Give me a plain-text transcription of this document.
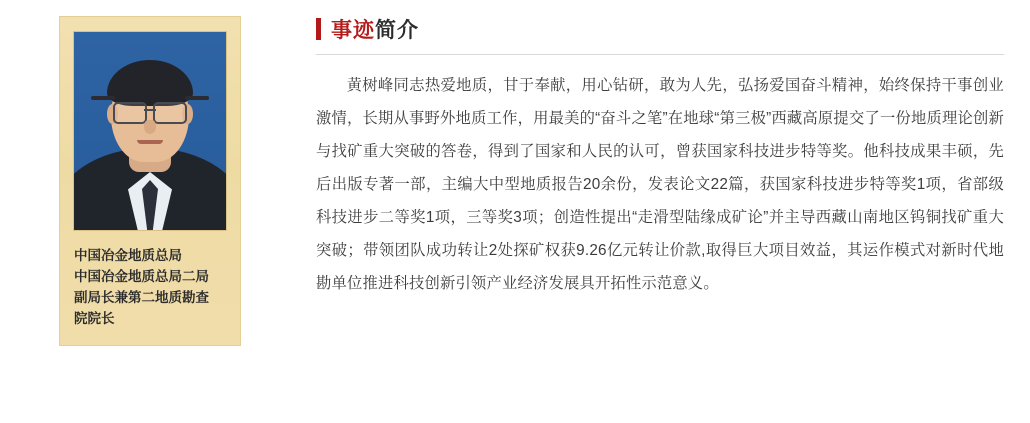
中国冶金地质总局
中国冶金地质总局二局
副局长兼第二地质勘查
院院长
事迹 简介
黄树峰同志热爱地质，甘于奉献，用心钻研，敢为人先，弘扬爱国奋斗精神，始终保持干事创业激情，长期从事野外地质工作，用最美的“奋斗之笔”在地球“第三极”西藏高原提交了一份地质理论创新与找矿重大突破的答卷，得到了国家和人民的认可，曾获国家科技进步特等奖。他科技成果丰硕，先后出版专著一部，主编大中型地质报告20余份，发表论文22篇，获国家科技进步特等奖1项，省部级科技进步二等奖1项，三等奖3项；创造性提出“走滑型陆缘成矿论”并主导西藏山南地区钨铜找矿重大突破；带领团队成功转让2处探矿权获9.26亿元转让价款,取得巨大项目效益，其运作模式对新时代地勘单位推进科技创新引领产业经济发展具开拓性示范意义。
